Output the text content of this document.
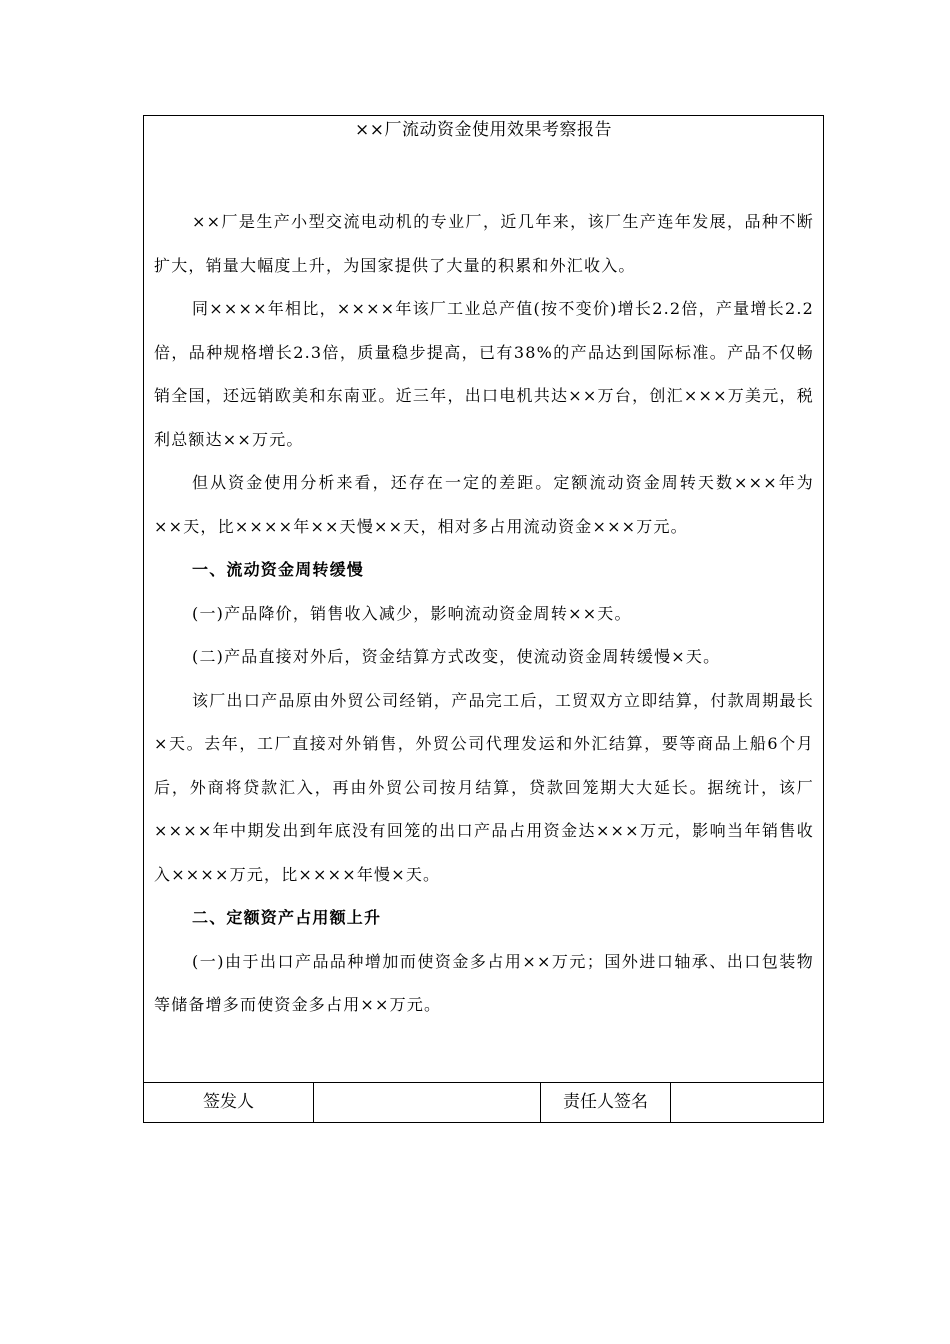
××厂流动资金使用效果考察报告

××厂是生产小型交流电动机的专业厂，近几年来，该厂生产连年发展，品种不断扩大，销量大幅度上升，为国家提供了大量的积累和外汇收入。

同××××年相比，××××年该厂工业总产值(按不变价)增长2.2倍，产量增长2.2倍，品种规格增长2.3倍，质量稳步提高，已有38%的产品达到国际标准。产品不仅畅销全国，还远销欧美和东南亚。近三年，出口电机共达××万台，创汇×××万美元，税利总额达××万元。

但从资金使用分析来看，还存在一定的差距。定额流动资金周转天数×××年为××天，比××××年××天慢××天，相对多占用流动资金×××万元。

一、流动资金周转缓慢

(一)产品降价，销售收入减少，影响流动资金周转××天。

(二)产品直接对外后，资金结算方式改变，使流动资金周转缓慢×天。

该厂出口产品原由外贸公司经销，产品完工后，工贸双方立即结算，付款周期最长×天。去年，工厂直接对外销售，外贸公司代理发运和外汇结算，要等商品上船6个月后，外商将贷款汇入，再由外贸公司按月结算，贷款回笼期大大延长。据统计，该厂××××年中期发出到年底没有回笼的出口产品占用资金达×××万元，影响当年销售收入××××万元，比××××年慢×天。

二、定额资产占用额上升

(一)由于出口产品品种增加而使资金多占用××万元；国外进口轴承、出口包装物等储备增多而使资金多占用××万元。

签发人	责任人签名
